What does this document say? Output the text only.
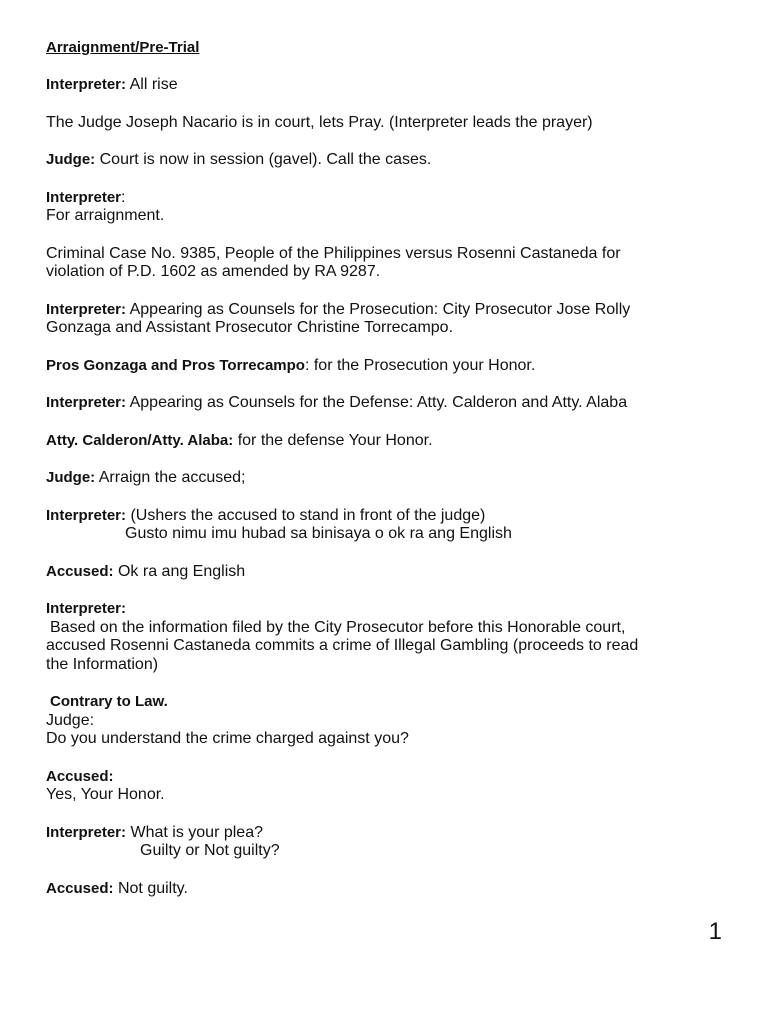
Arraignment/Pre-Trial
Interpreter: All rise
The Judge Joseph Nacario is in court, lets Pray. (Interpreter leads the prayer)
Judge: Court is now in session (gavel). Call the cases.
Interpreter:
For arraignment.
Criminal Case No. 9385, People of the Philippines versus Rosenni Castaneda for
violation of P.D. 1602 as amended by RA 9287.
Interpreter: Appearing as Counsels for the Prosecution: City Prosecutor Jose Rolly
Gonzaga and Assistant Prosecutor Christine Torrecampo.
Pros Gonzaga and Pros Torrecampo: for the Prosecution your Honor.
Interpreter: Appearing as Counsels for the Defense: Atty. Calderon and Atty. Alaba
Atty. Calderon/Atty. Alaba: for the defense Your Honor.
Judge: Arraign the accused;
Interpreter: (Ushers the accused to stand in front of the judge)
Gusto nimu imu hubad sa binisaya o ok ra ang English
Accused: Ok ra ang English
Interpreter:
Based on the information filed by the City Prosecutor before this Honorable court,
accused Rosenni Castaneda commits a crime of Illegal Gambling (proceeds to read
the Information)
Contrary to Law.
Judge:
Do you understand the crime charged against you?
Accused:
Yes, Your Honor.
Interpreter: What is your plea?
Guilty or Not guilty?
Accused: Not guilty.
1
